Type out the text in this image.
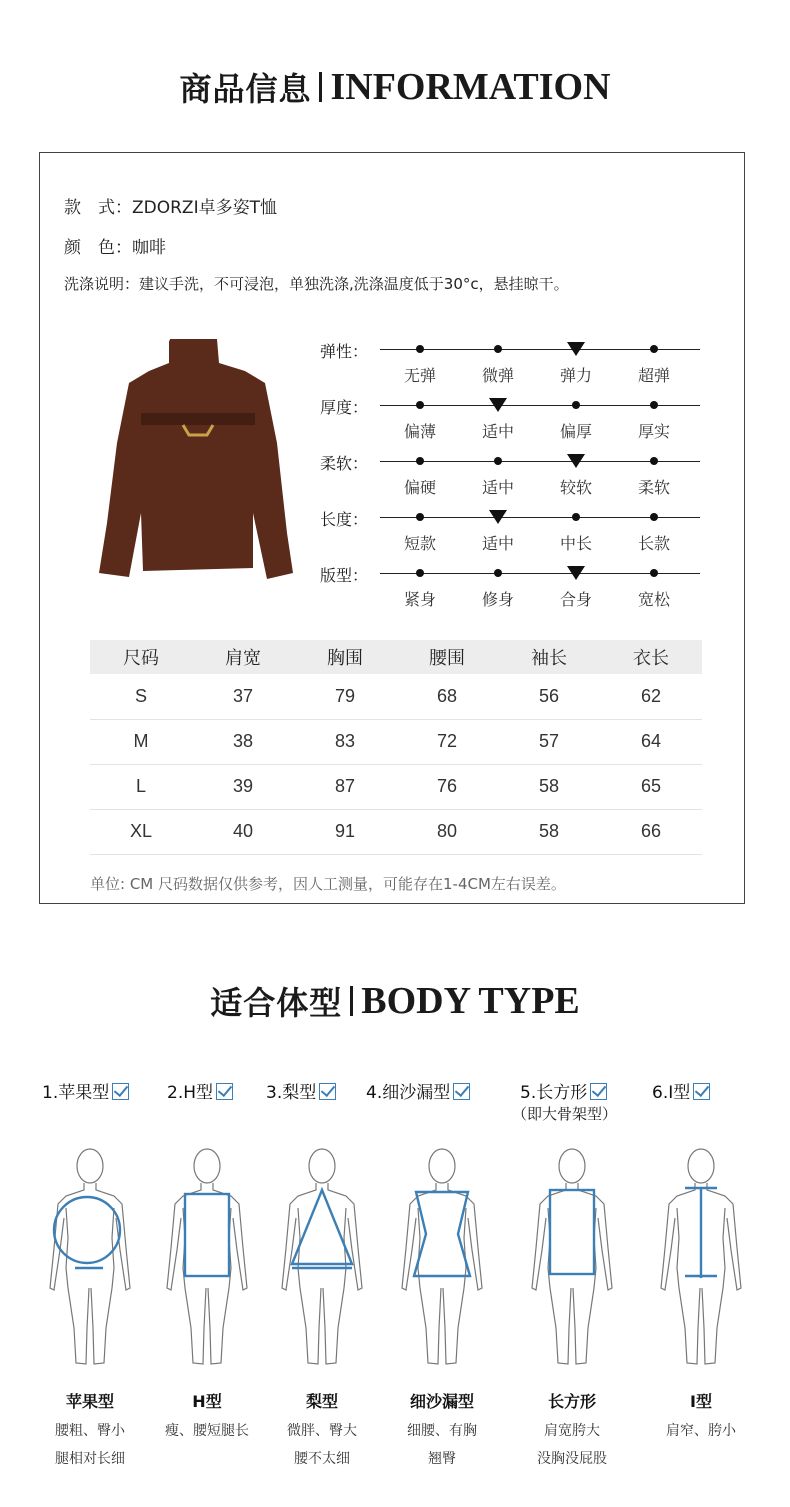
商品信息 INFORMATION
款　式：ZDORZI卓多姿T恤
颜　色：咖啡
洗涤说明：建议手洗，不可浸泡，单独洗涤,洗涤温度低于30°c，悬挂晾干。
尺码	肩宽	胸围	腰围	袖长	衣长
S	37	79	68	56	62
M	38	83	72	57	64
L	39	87	76	58	65
XL	40	91	80	58	66
单位: CM 尺码数据仅供参考，因人工测量，可能存在1-4CM左右误差。
弹性：
无弹	微弹	弹力	超弹
厚度：
偏薄	适中	偏厚	厚实
柔软：
偏硬	适中	较软	柔软
长度：
短款	适中	中长	长款
版型：
紧身	修身	合身	宽松
适合体型 BODY TYPE
1.苹果型
苹果型
腰粗、臀小
腿相对长细
2.H型
H型
瘦、腰短腿长
3.梨型
梨型
微胖、臀大
腰不太细
4.细沙漏型
细沙漏型
细腰、有胸
翘臀
5.长方形
长方形
肩宽胯大
没胸没屁股
6.I型
I型
肩窄、胯小
（即大骨架型）
